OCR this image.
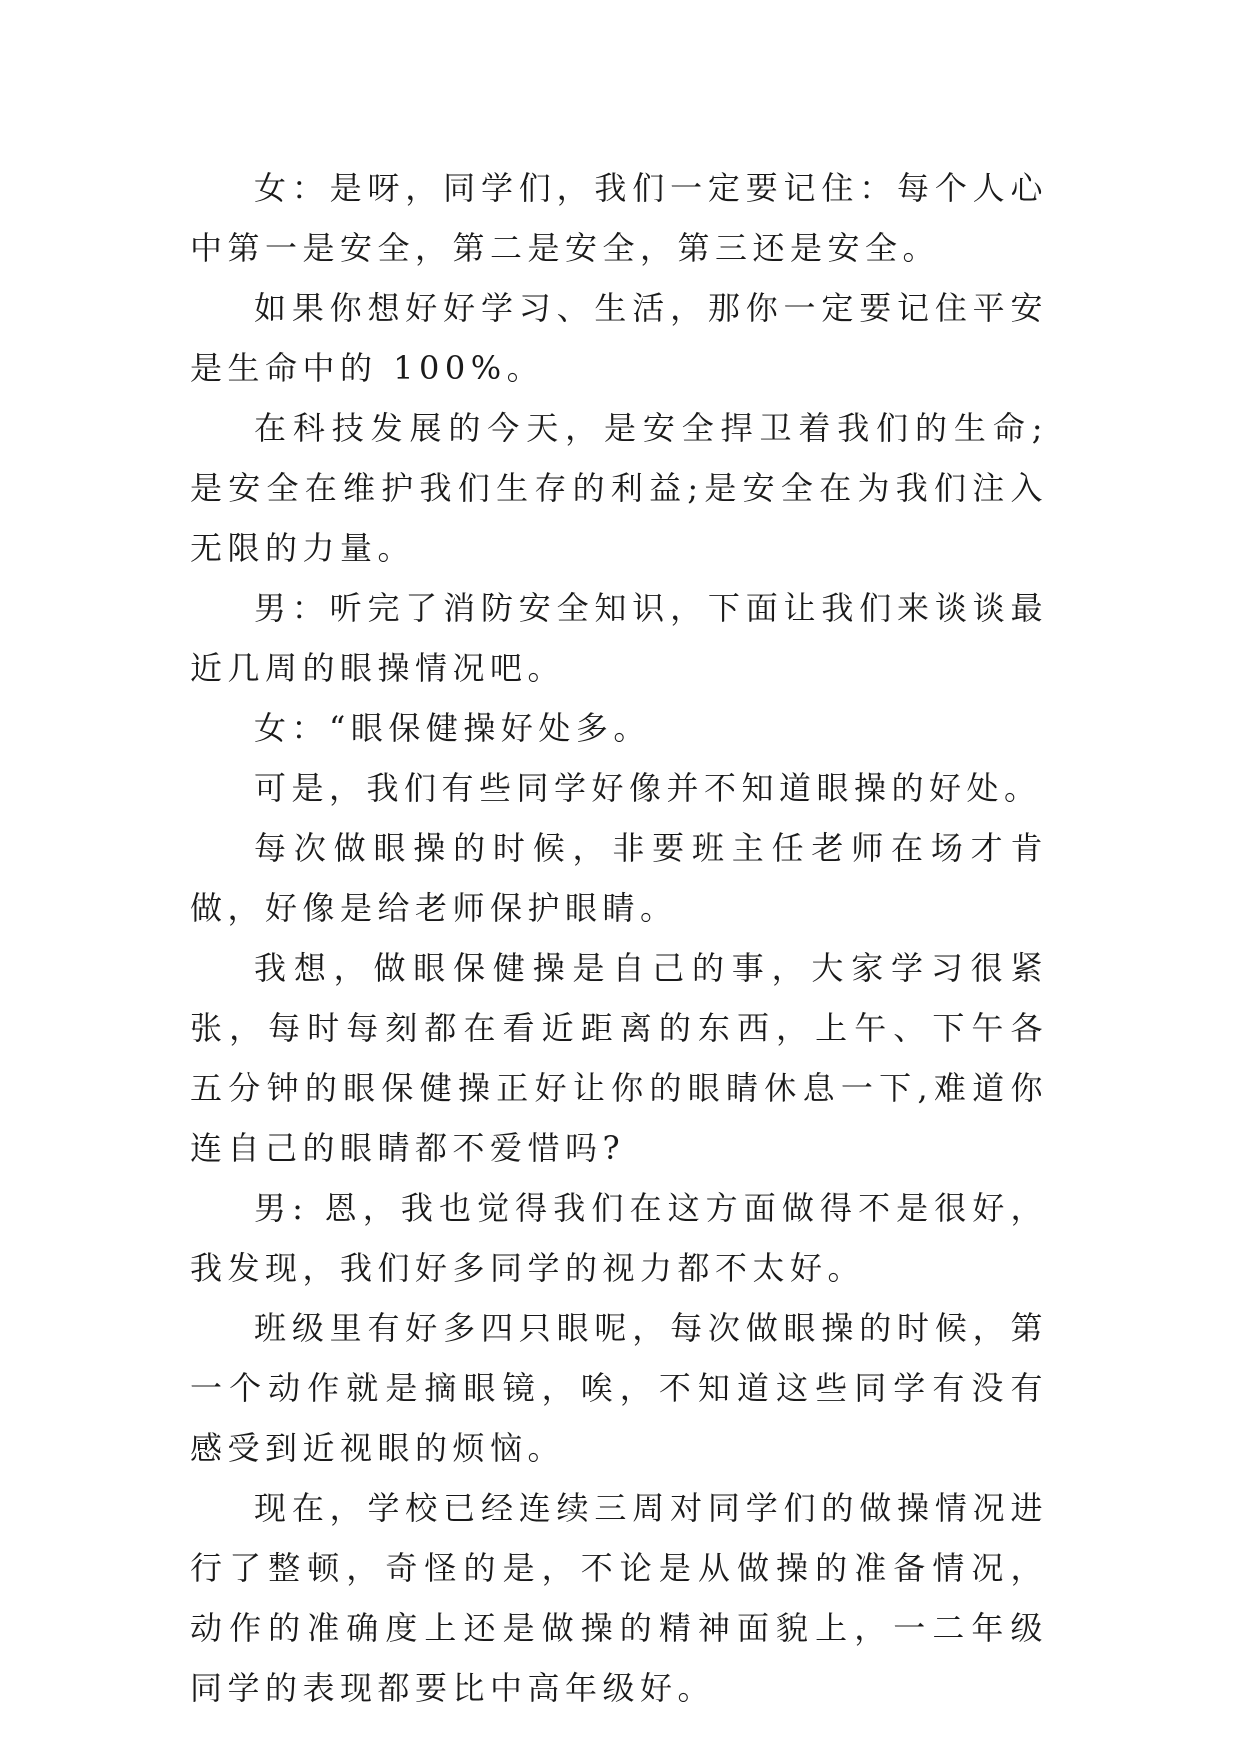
女：是呀，同学们，我们一定要记住：每个人心中第一是安全，第二是安全，第三还是安全。

如果你想好好学习、生活，那你一定要记住平安是生命中的 100%。

在科技发展的今天，是安全捍卫着我们的生命;是安全在维护我们生存的利益;是安全在为我们注入无限的力量。

男：听完了消防安全知识，下面让我们来谈谈最近几周的眼操情况吧。

女：“眼保健操好处多。

可是，我们有些同学好像并不知道眼操的好处。

每次做眼操的时候，非要班主任老师在场才肯做，好像是给老师保护眼睛。

我想，做眼保健操是自己的事，大家学习很紧张，每时每刻都在看近距离的东西，上午、下午各五分钟的眼保健操正好让你的眼睛休息一下,难道你连自己的眼睛都不爱惜吗?

男: 恩，我也觉得我们在这方面做得不是很好，我发现，我们好多同学的视力都不太好。

班级里有好多四只眼呢，每次做眼操的时候，第一个动作就是摘眼镜，唉，不知道这些同学有没有感受到近视眼的烦恼。

现在，学校已经连续三周对同学们的做操情况进行了整顿，奇怪的是，不论是从做操的准备情况，动作的准确度上还是做操的精神面貌上，一二年级同学的表现都要比中高年级好。
